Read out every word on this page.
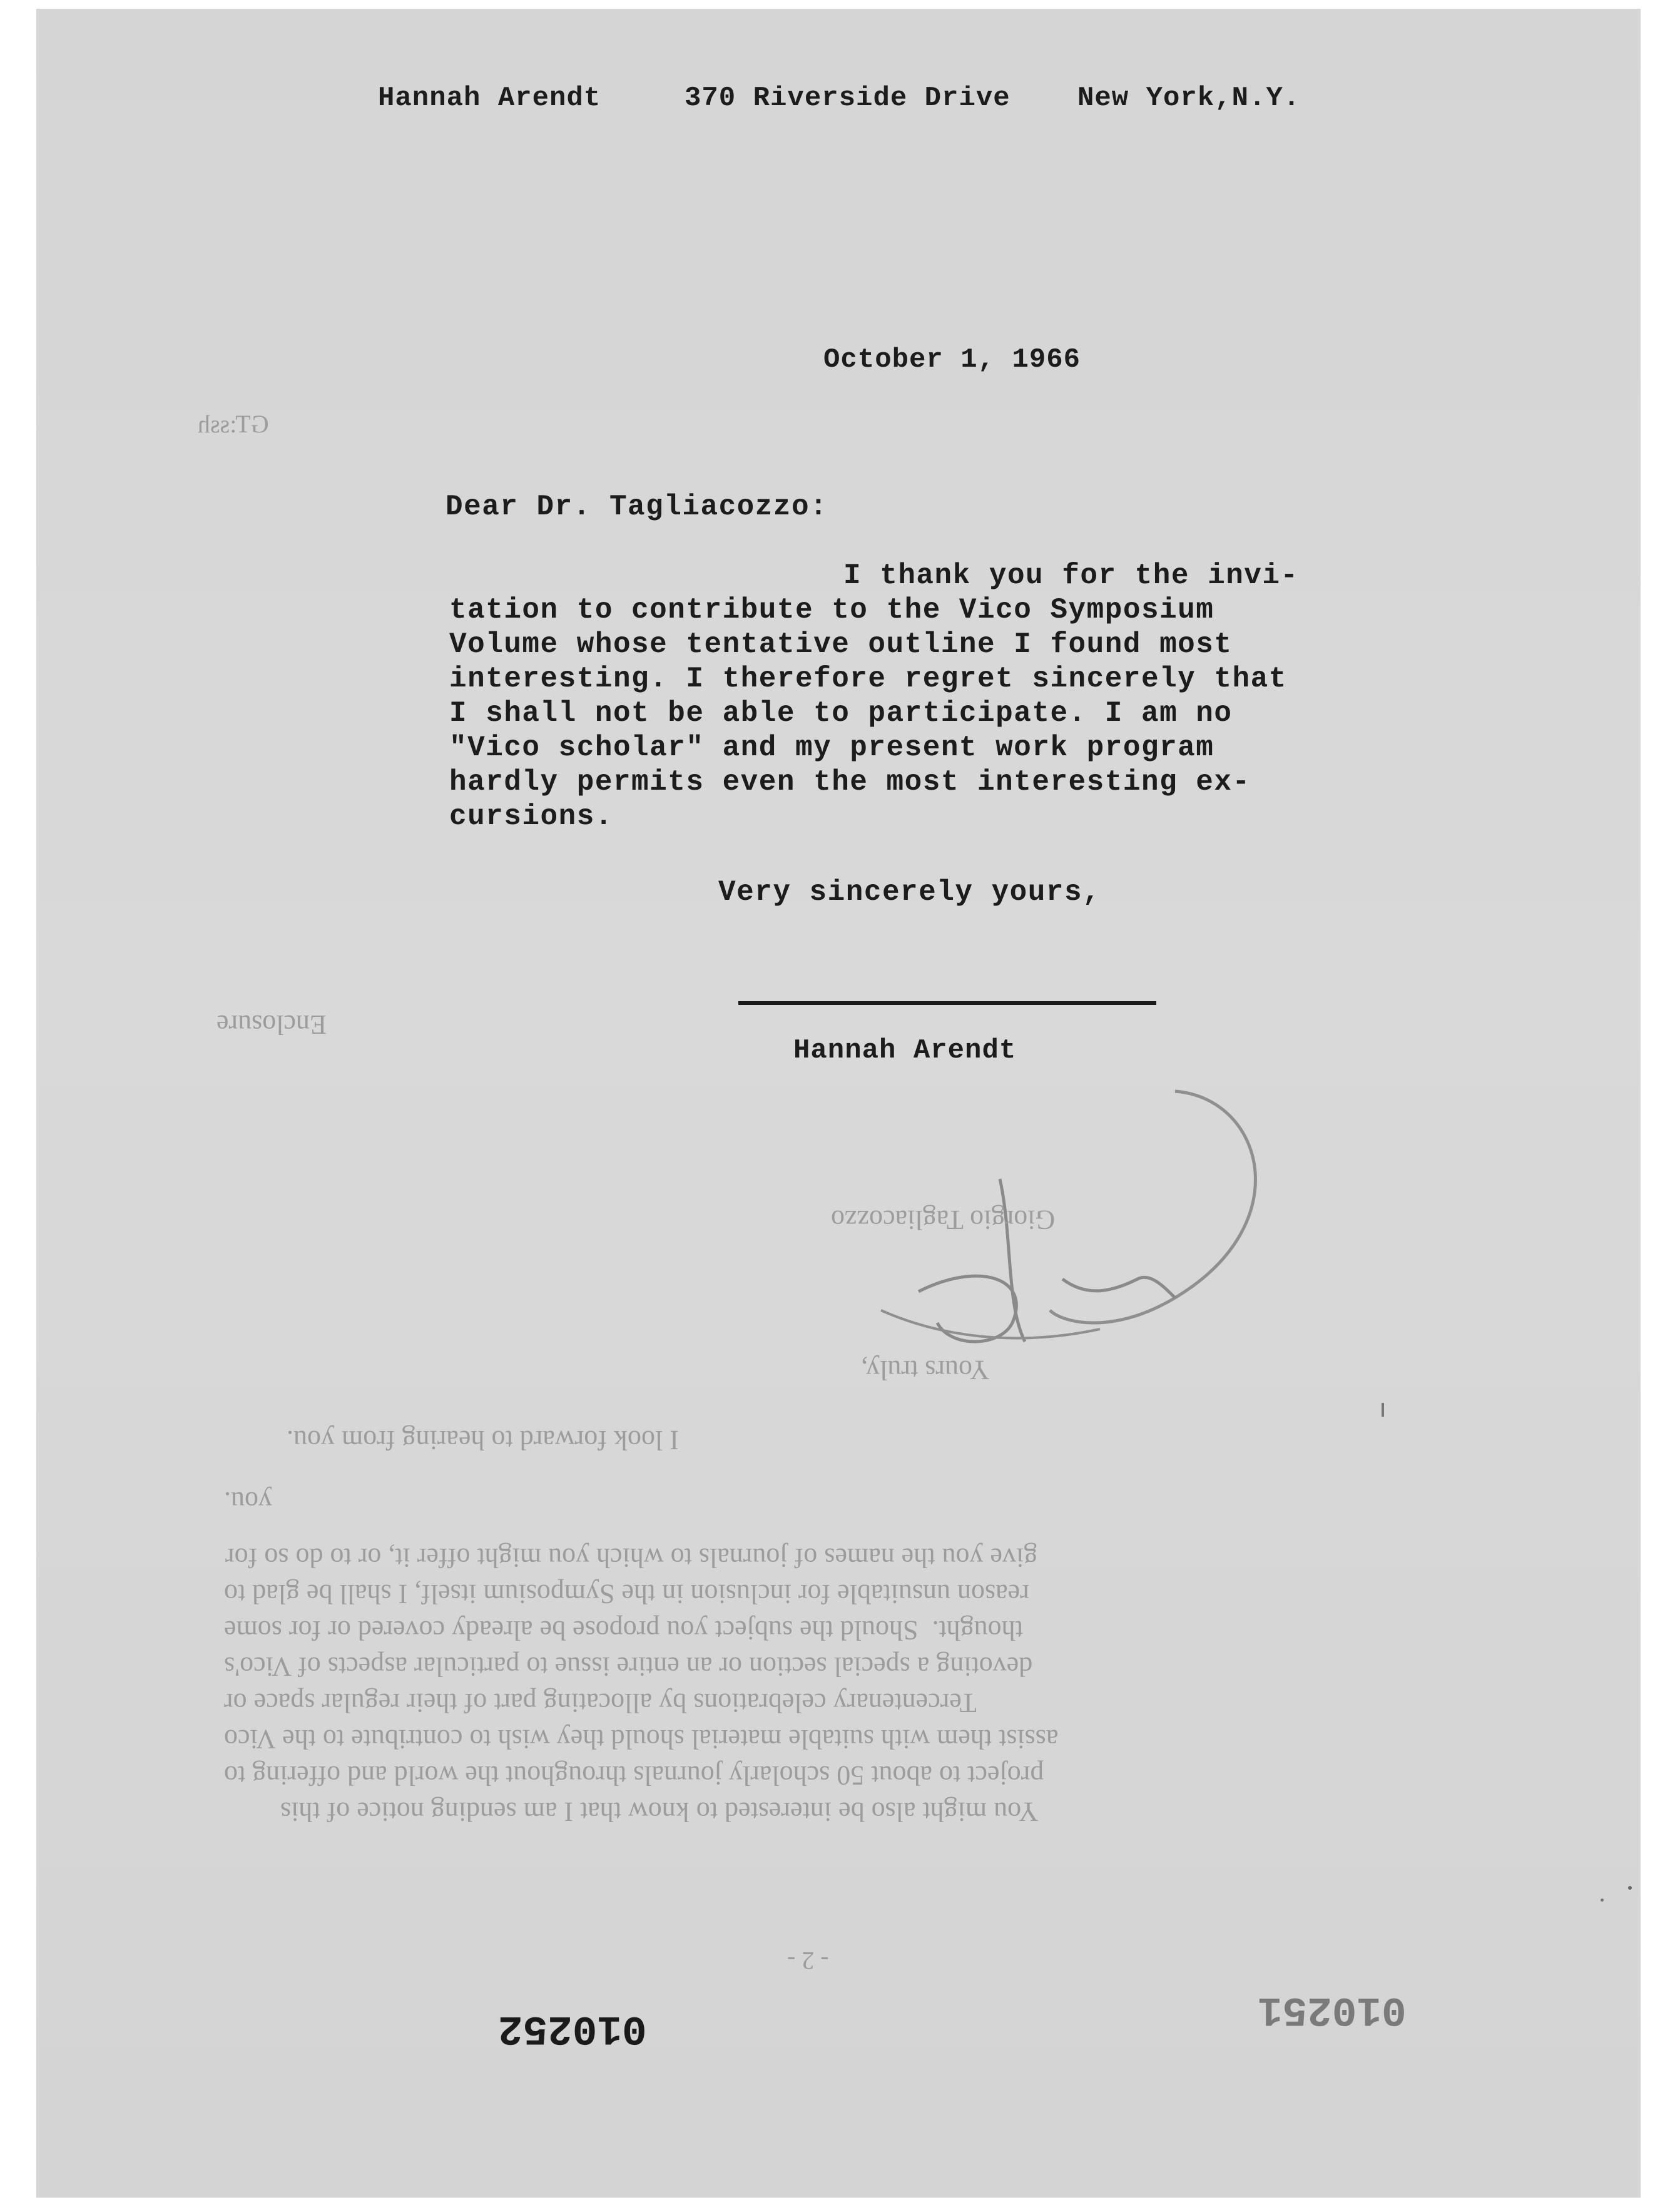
Hannah Arendt	370 Riverside Drive New York,N.Y.
October 1, 1966
GT:ssh
Dear Dr. Tagliacozzo:
I thank you for the invi-
tation to contribute to the Vico Symposium
Volume whose tentative outline I found most
interesting. I therefore regret sincerely that
I shall not be able to participate. I am no
"Vico scholar" and my present work program
hardly permits even the most interesting ex-
cursions.
Very sincerely yours,
Enclosure
Hannah Arendt
Giorgio Tagliacozzo
Yours truly,
I look forward to hearing from you.
you.
give you the names of journals to which you might offer it, or to do so for
reason unsuitable for inclusion in the Symposium itself, I shall be glad to
thought.  Should the subject you propose be already covered or for some
devoting a special section or an entire issue to particular aspects of Vico's
Tercentenary celebrations by allocating part of their regular space or
assist them with suitable material should they wish to contribute to the Vico
project to about 50 scholarly journals throughout the world and offering to
You might also be interested to know that I am sending notice of this
- 2 -
010252	010251
